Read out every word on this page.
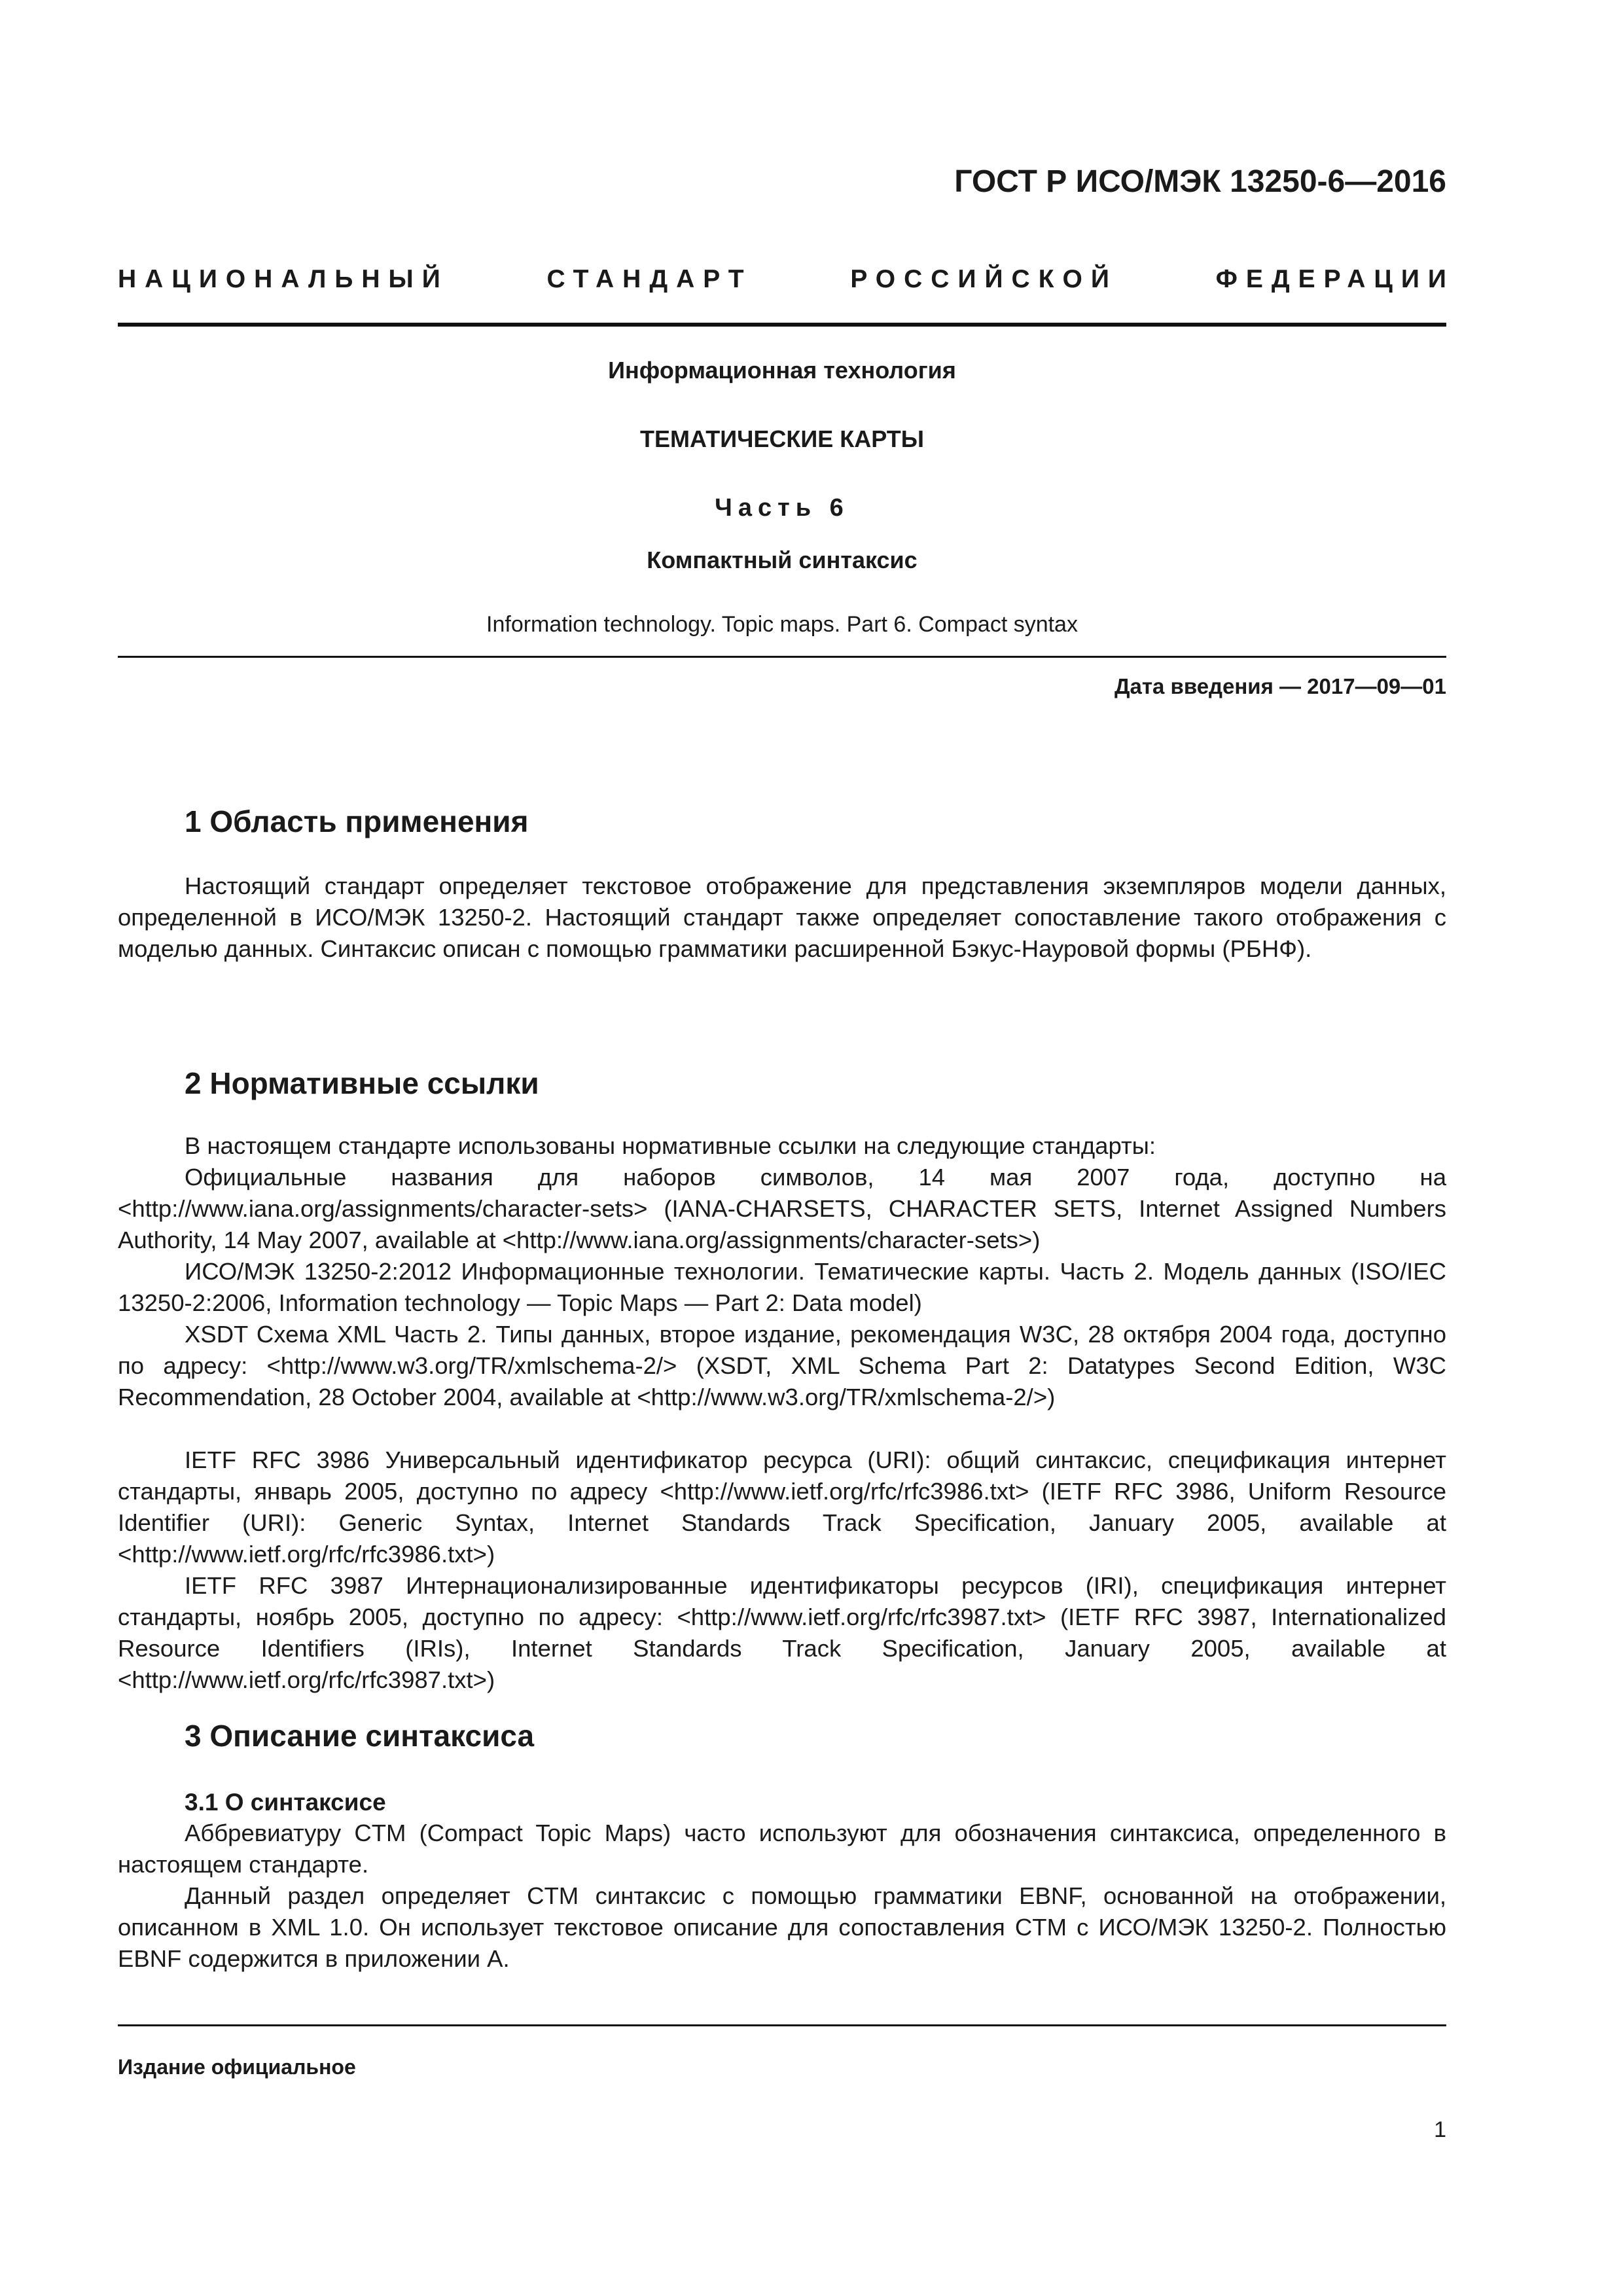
ГОСТ Р ИСО/МЭК 13250-6—2016
НАЦИОНАЛЬНЫЙ	СТАНДАРТ	РОССИЙСКОЙ	ФЕДЕРАЦИИ
Информационная технология
ТЕМАТИЧЕСКИЕ КАРТЫ
Часть 6
Компактный синтаксис
Information technology. Topic maps. Part 6. Compact syntax
Дата введения — 2017—09—01
1 Область применения

Настоящий стандарт определяет текстовое отображение для представления экземпляров модели данных, определенной в ИСО/МЭК 13250-2. Настоящий стандарт также определяет сопоставление такого отображения с моделью данных. Синтаксис описан с помощью грамматики расширенной Бэкус-Науровой формы (РБНФ).

2 Нормативные ссылки

В настоящем стандарте использованы нормативные ссылки на следующие стандарты:

Официальные названия для наборов символов, 14 мая 2007 года, доступно на <http://www.iana.org/assignments/character-sets> (IANA-CHARSETS, CHARACTER SETS, Internet Assigned Numbers Authority, 14 May 2007, available at <http://www.iana.org/assignments/character-sets>)

ИСО/МЭК 13250-2:2012 Информационные технологии. Тематические карты. Часть 2. Модель данных (ISO/IEC 13250-2:2006, Information technology — Topic Maps — Part 2: Data model)

XSDT Схема XML Часть 2. Типы данных, второе издание, рекомендация W3C, 28 октября 2004 года, доступно по адресу: <http://www.w3.org/TR/xmlschema-2/> (XSDT, XML Schema Part 2: Datatypes Second Edition, W3C Recommendation, 28 October 2004, available at <http://www.w3.org/TR/xmlschema-2/>)

IETF RFC 3986 Универсальный идентификатор ресурса (URI): общий синтаксис, спецификация интернет стандарты, январь 2005, доступно по адресу <http://www.ietf.org/rfc/rfc3986.txt> (IETF RFC 3986, Uniform Resource Identifier (URI): Generic Syntax, Internet Standards Track Specification, January 2005, available at <http://www.ietf.org/rfc/rfc3986.txt>)

IETF RFC 3987 Интернационализированные идентификаторы ресурсов (IRI), спецификация интернет стандарты, ноябрь 2005, доступно по адресу: <http://www.ietf.org/rfc/rfc3987.txt> (IETF RFC 3987, Internationalized Resource Identifiers (IRIs), Internet Standards Track Specification, January 2005, available at <http://www.ietf.org/rfc/rfc3987.txt>)

3 Описание синтаксиса
3.1 О синтаксисе

Аббревиатуру CTM (Compact Topic Maps) часто используют для обозначения синтаксиса, определенного в настоящем стандарте.

Данный раздел определяет CTM синтаксис с помощью грамматики EBNF, основанной на отображении, описанном в XML 1.0. Он использует текстовое описание для сопоставления CTM с ИСО/МЭК 13250-2. Полностью EBNF содержится в приложении А.

Издание официальное
1
